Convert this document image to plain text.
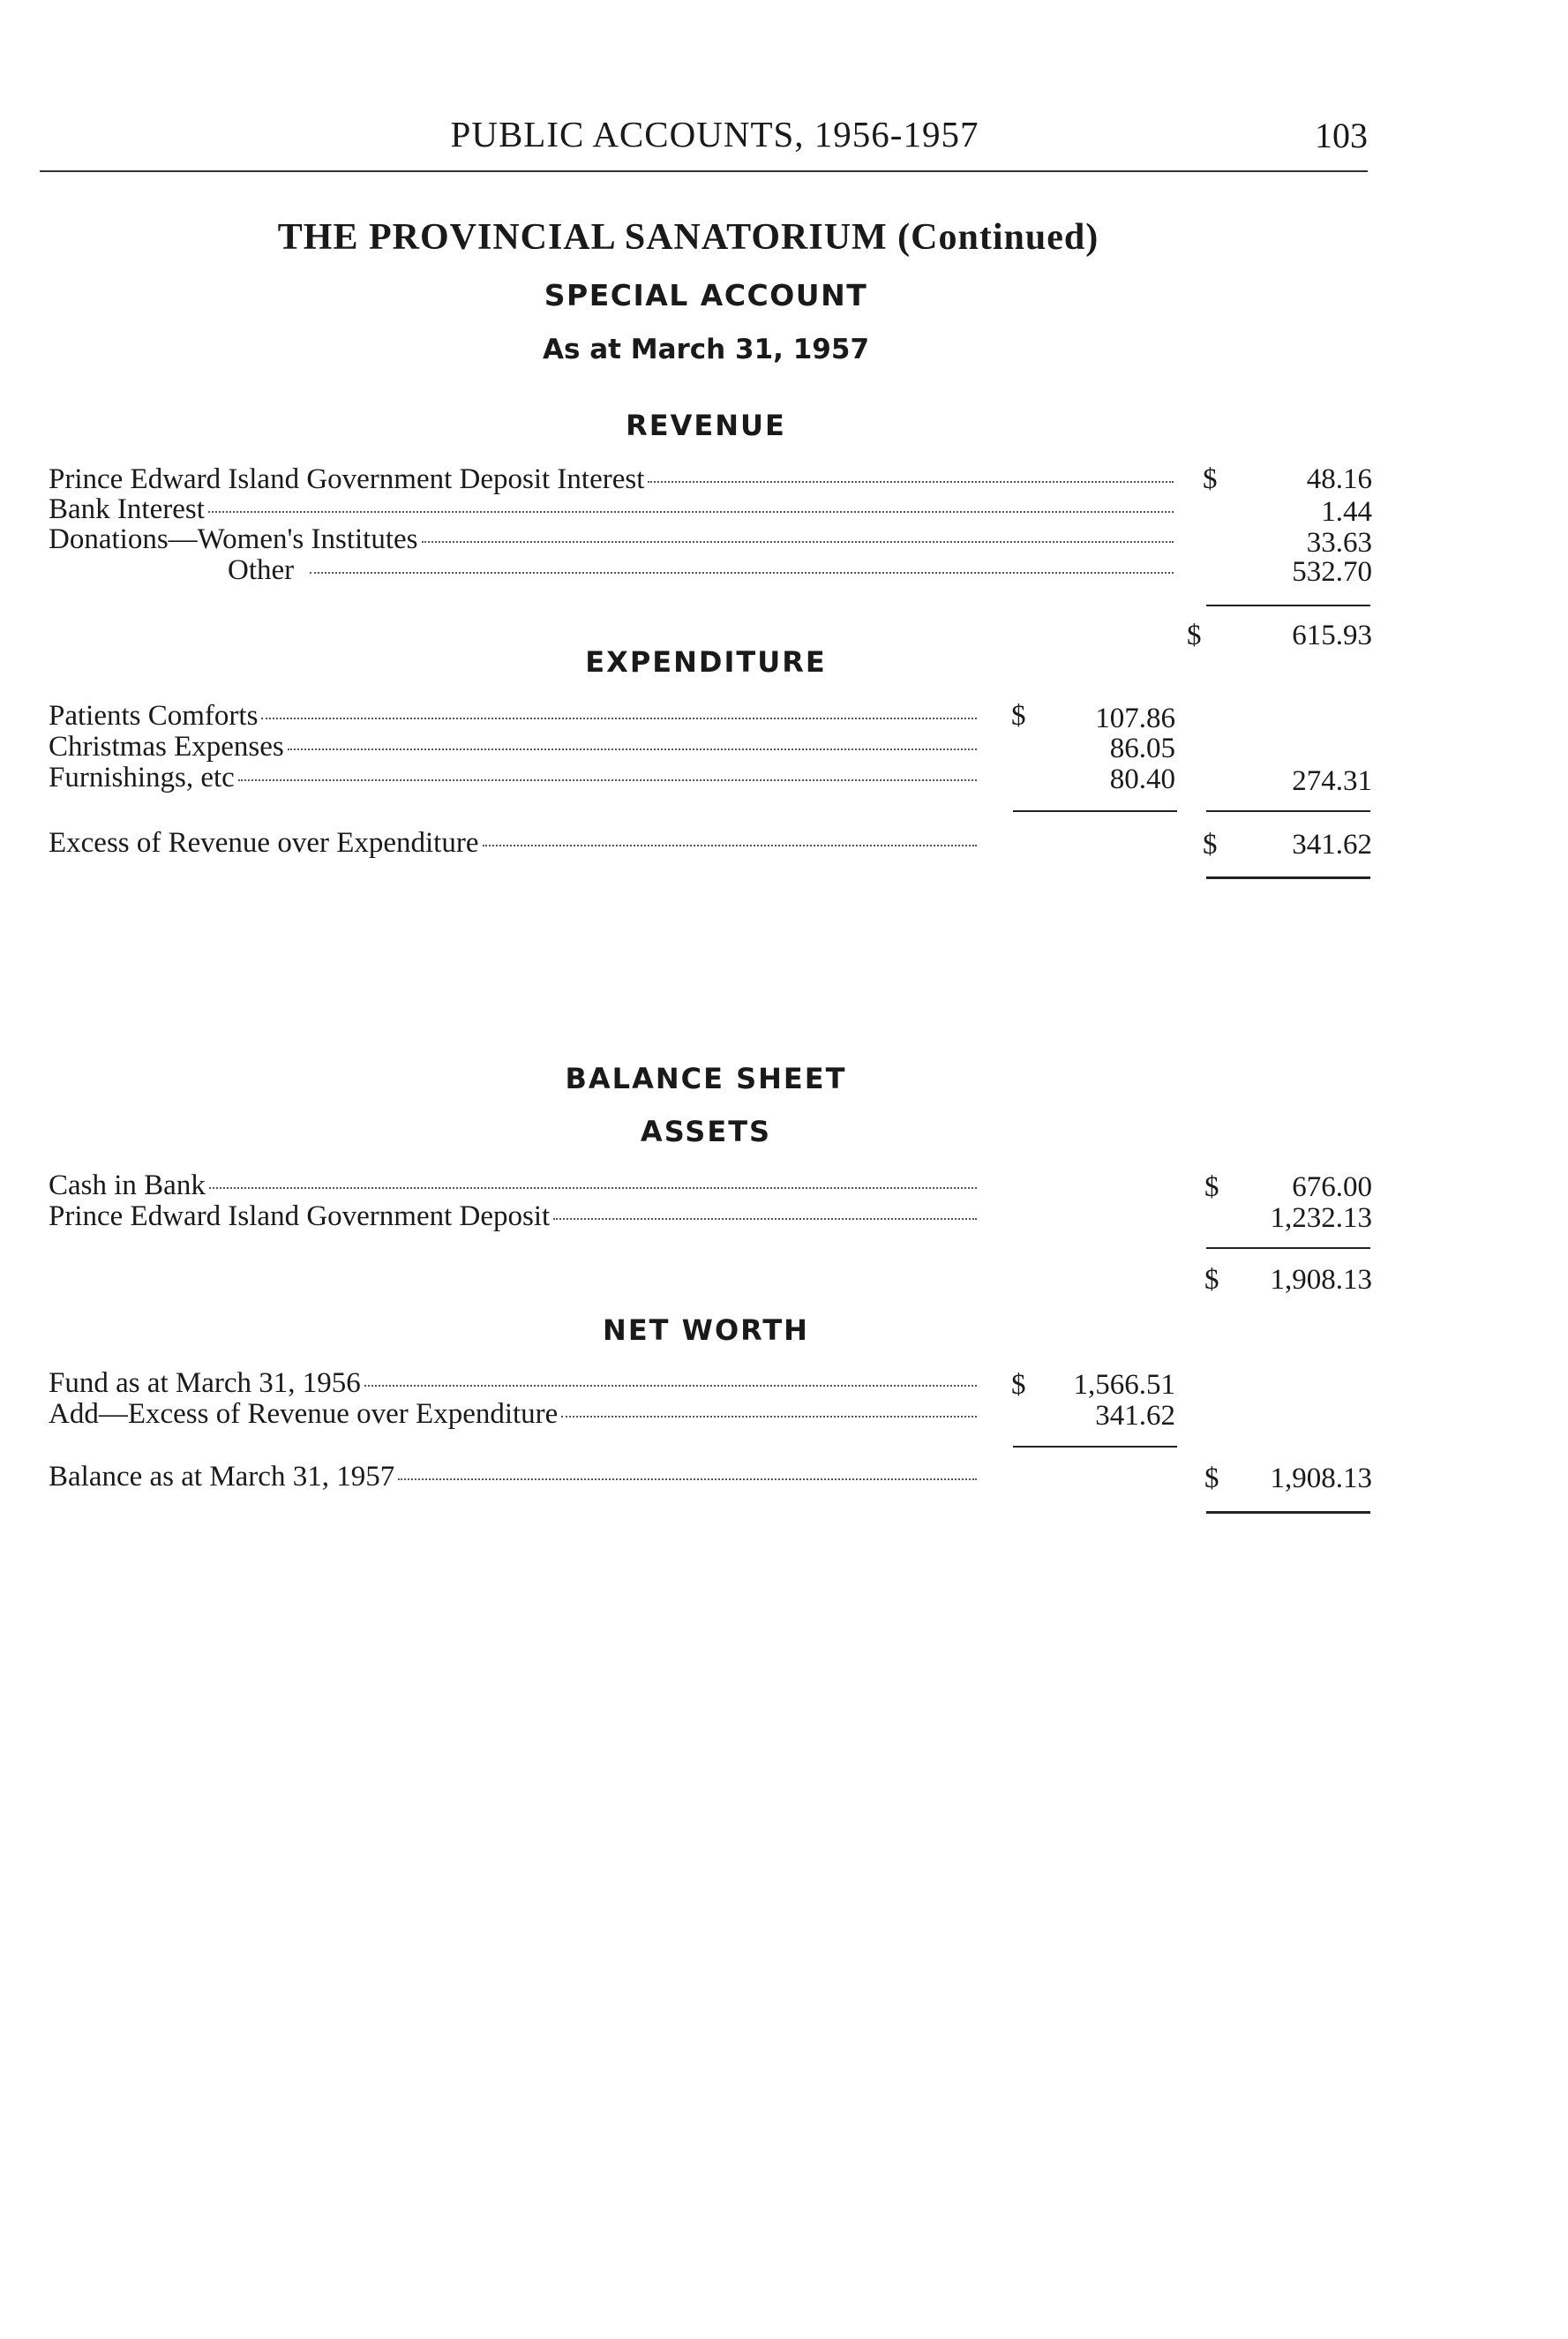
PUBLIC ACCOUNTS, 1956-1957	103
THE PROVINCIAL SANATORIUM (Continued)
SPECIAL ACCOUNT
As at March 31, 1957
REVENUE
Prince Edward Island Government Deposit Interest	$	48.16
Bank Interest	1.44
Donations—Women's Institutes	33.63
Other	532.70
$	615.93
EXPENDITURE
Patients Comforts	$	107.86
Christmas Expenses	86.05
Furnishings, etc	80.40	274.31
Excess of Revenue over Expenditure	$	341.62
BALANCE SHEET
ASSETS
Cash in Bank	$	676.00
Prince Edward Island Government Deposit	1,232.13
$	1,908.13
NET WORTH
Fund as at March 31, 1956	$	1,566.51
Add—Excess of Revenue over Expenditure	341.62
Balance as at March 31, 1957	$	1,908.13
